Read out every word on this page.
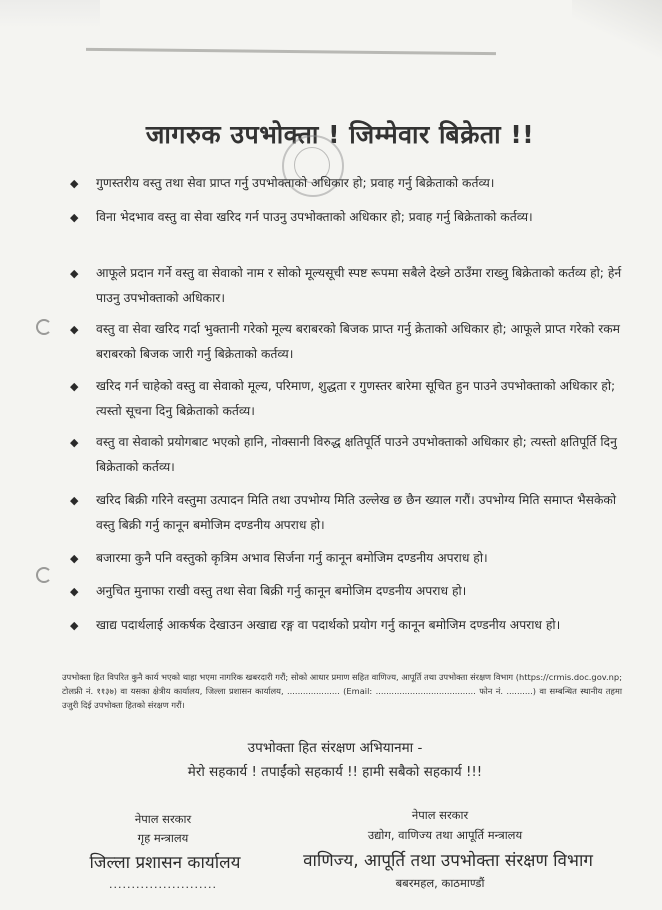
जागरुक उपभोक्ता ! जिम्मेवार बिक्रेता !!
◆	गुणस्तरीय वस्तु तथा सेवा प्राप्त गर्नु उपभोक्ताको अधिकार हो; प्रवाह गर्नु बिक्रेताको कर्तव्य।
◆	विना भेदभाव वस्तु वा सेवा खरिद गर्न पाउनु उपभोक्ताको अधिकार हो; प्रवाह गर्नु बिक्रेताको कर्तव्य।
◆	आफूले प्रदान गर्ने वस्तु वा सेवाको नाम र सोको मूल्यसूची स्पष्ट रूपमा सबैले देख्ने ठाउँमा राख्नु बिक्रेताको कर्तव्य हो; हेर्न पाउनु उपभोक्ताको अधिकार।
◆	वस्तु वा सेवा खरिद गर्दा भुक्तानी गरेको मूल्य बराबरको बिजक प्राप्त गर्नु क्रेताको अधिकार हो; आफूले प्राप्त गरेको रकम बराबरको बिजक जारी गर्नु बिक्रेताको कर्तव्य।
◆	खरिद गर्न चाहेको वस्तु वा सेवाको मूल्य, परिमाण, शुद्धता र गुणस्तर बारेमा सूचित हुन पाउने उपभोक्ताको अधिकार हो; त्यस्तो सूचना दिनु बिक्रेताको कर्तव्य।
◆	वस्तु वा सेवाको प्रयोगबाट भएको हानि, नोक्सानी विरुद्ध क्षतिपूर्ति पाउने उपभोक्ताको अधिकार हो; त्यस्तो क्षतिपूर्ति दिनु बिक्रेताको कर्तव्य।
◆	खरिद बिक्री गरिने वस्तुमा उत्पादन मिति तथा उपभोग्य मिति उल्लेख छ छैन ख्याल गरौं। उपभोग्य मिति समाप्त भैसकेको वस्तु बिक्री गर्नु कानून बमोजिम दण्डनीय अपराध हो।
◆	बजारमा कुनै पनि वस्तुको कृत्रिम अभाव सिर्जना गर्नु कानून बमोजिम दण्डनीय अपराध हो।
◆	अनुचित मुनाफा राखी वस्तु तथा सेवा बिक्री गर्नु कानून बमोजिम दण्डनीय अपराध हो।
◆	खाद्य पदार्थलाई आकर्षक देखाउन अखाद्य रङ्ग वा पदार्थको प्रयोग गर्नु कानून बमोजिम दण्डनीय अपराध हो।
उपभोक्ता हित विपरित कुनै कार्य भएको थाहा भएमा नागरिक खबरदारी गरौं; सोको आधार प्रमाण सहित वाणिज्य, आपूर्ति तथा उपभोक्ता संरक्षण विभाग (https://crmis.doc.gov.np; टोलफ्री नं. ११३७) वा यसका क्षेत्रीय कार्यालय, जिल्ला प्रशासन कार्यालय, .................... (Email: ...................................... फोन नं. ..........) वा सम्बन्धित स्थानीय तहमा उजुरी दिई उपभोक्ता हितको संरक्षण गरौं।
उपभोक्ता हित संरक्षण अभियानमा -
मेरो सहकार्य ! तपाईंको सहकार्य !! हामी सबैको सहकार्य !!!
नेपाल सरकार
गृह मन्त्रालय
जिल्ला प्रशासन कार्यालय
........................
नेपाल सरकार
उद्योग, वाणिज्य तथा आपूर्ति मन्त्रालय
वाणिज्य, आपूर्ति तथा उपभोक्ता संरक्षण विभाग
बबरमहल, काठमाण्डौं
